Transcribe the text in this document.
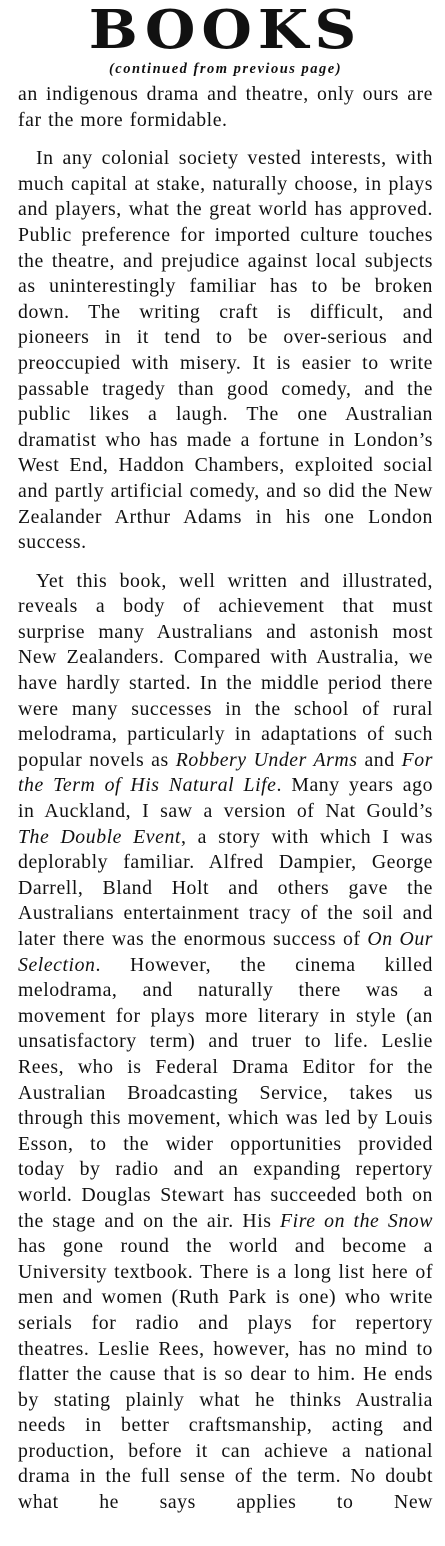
BOOKS
(continued from previous page)

an indigenous drama and theatre, only ours are far the more formidable.

In any colonial society vested interests, with much capital at stake, naturally choose, in plays and players, what the great world has approved. Public preference for imported culture touches the theatre, and prejudice against local subjects as uninterestingly familiar has to be broken down. The writing craft is difficult, and pioneers in it tend to be over-serious and preoccupied with misery. It is easier to write passable tragedy than good comedy, and the public likes a laugh. The one Australian dramatist who has made a fortune in London’s West End, Haddon Chambers, exploited social and partly artificial comedy, and so did the New Zealander Arthur Adams in his one London success.

Yet this book, well written and illustrated, reveals a body of achievement that must surprise many Australians and astonish most New Zealanders. Compared with Australia, we have hardly started. In the middle period there were many successes in the school of rural melodrama, particularly in adaptations of such popular novels as Robbery Under Arms and For the Term of His Natural Life. Many years ago in Auckland, I saw a version of Nat Gould’s The Double Event, a story with which I was deplorably familiar. Alfred Dampier, George Darrell, Bland Holt and others gave the Australians entertainment tracy of the soil and later there was the enormous success of On Our Selection. However, the cinema killed melodrama, and naturally there was a movement for plays more literary in style (an unsatisfactory term) and truer to life. Leslie Rees, who is Federal Drama Editor for the Australian Broadcasting Service, takes us through this movement, which was led by Louis Esson, to the wider opportunities provided today by radio and an expanding repertory world. Douglas Stewart has succeeded both on the stage and on the air. His Fire on the Snow has gone round the world and become a University textbook. There is a long list here of men and women (Ruth Park is one) who write serials for radio and plays for repertory theatres. Leslie Rees, however, has no mind to flatter the cause that is so dear to him. He ends by stating plainly what he thinks Australia needs in better craftsmanship, acting and production, before it can achieve a national drama in the full sense of the term. No doubt what he says applies to New
